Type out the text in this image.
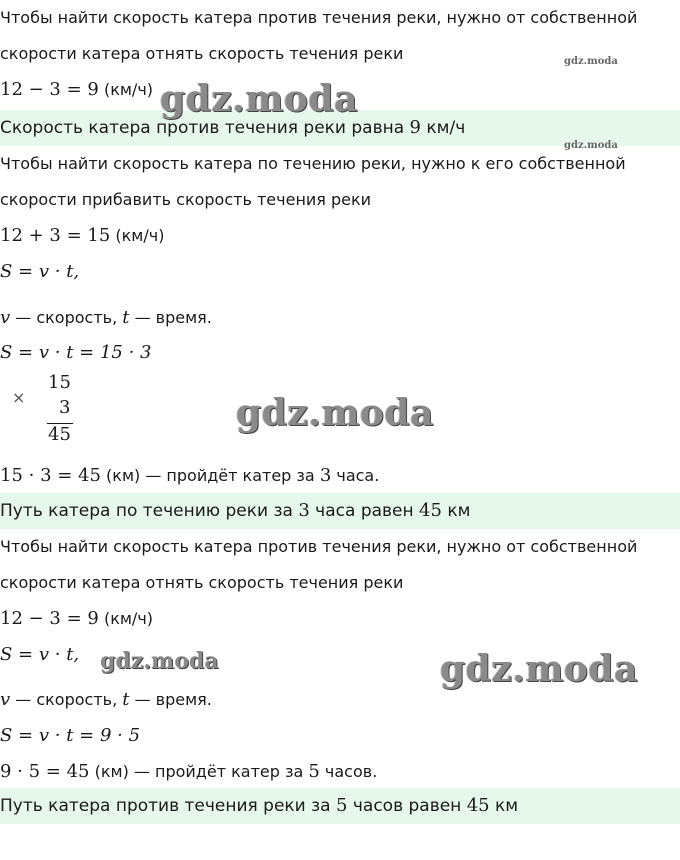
Чтобы найти скорость катера против течения реки, нужно от собственной
скорости катера отнять скорость течения реки
12 − 3 = 9 (км/ч)
Скорость катера против течения реки равна 9 км/ч
Чтобы найти скорость катера по течению реки, нужно к его собственной
скорости прибавить скорость течения реки
12 + 3 = 15 (км/ч)
S = v · t,
v — скорость, t — время.
S = v · t = 15 · 3
×
15
3
45
15 · 3 = 45 (км) — пройдёт катер за 3 часа.
Путь катера по течению реки за 3 часа равен 45 км
Чтобы найти скорость катера против течения реки, нужно от собственной
скорости катера отнять скорость течения реки
12 − 3 = 9 (км/ч)
S = v · t,
v — скорость, t — время.
S = v · t = 9 · 5
9 · 5 = 45 (км) — пройдёт катер за 5 часов.
Путь катера против течения реки за 5 часов равен 45 км
gdz.moda
gdz.moda
gdz.moda
gdz.moda
gdz.moda	gdz.moda
